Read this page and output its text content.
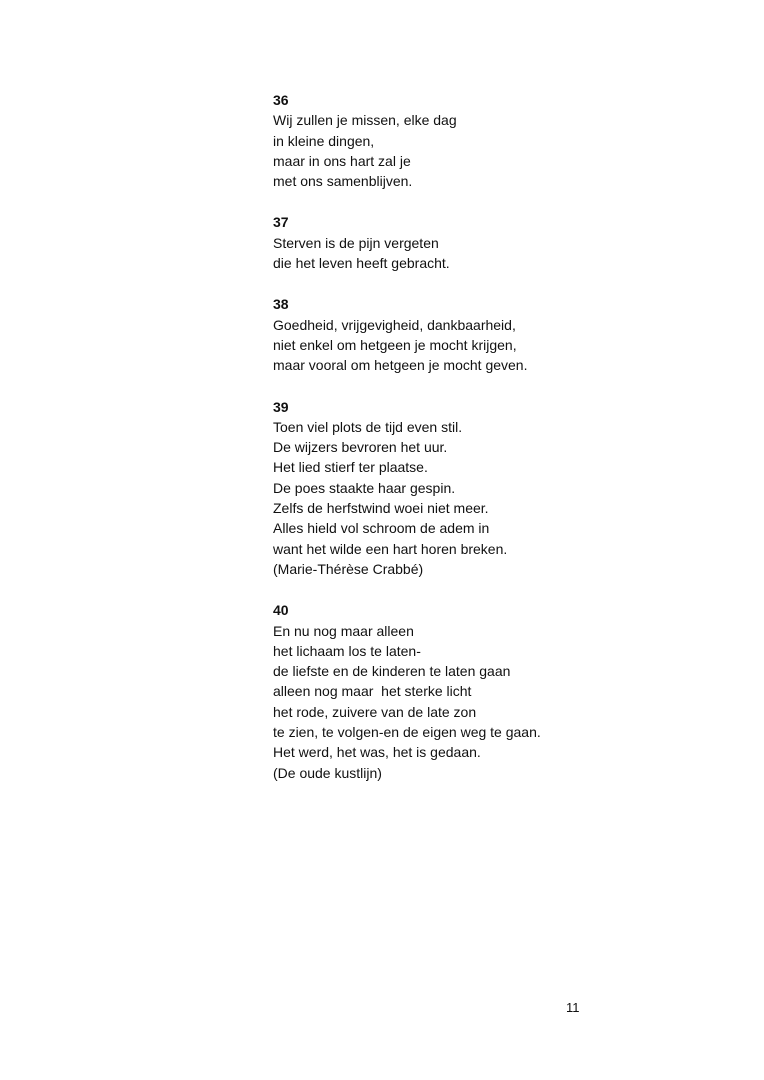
36
Wij zullen je missen, elke dag
in kleine dingen,
maar in ons hart zal je
met ons samenblijven.
37
Sterven is de pijn vergeten
die het leven heeft gebracht.
38
Goedheid, vrijgevigheid, dankbaarheid,
niet enkel om hetgeen je mocht krijgen,
maar vooral om hetgeen je mocht geven.
39
Toen viel plots de tijd even stil.
De wijzers bevroren het uur.
Het lied stierf ter plaatse.
De poes staakte haar gespin.
Zelfs de herfstwind woei niet meer.
Alles hield vol schroom de adem in
want het wilde een hart horen breken.
(Marie-Thérèse Crabbé)
40
En nu nog maar alleen
het lichaam los te laten-
de liefste en de kinderen te laten gaan
alleen nog maar  het sterke licht
het rode, zuivere van de late zon
te zien, te volgen-en de eigen weg te gaan.
Het werd, het was, het is gedaan.
(De oude kustlijn)
11
